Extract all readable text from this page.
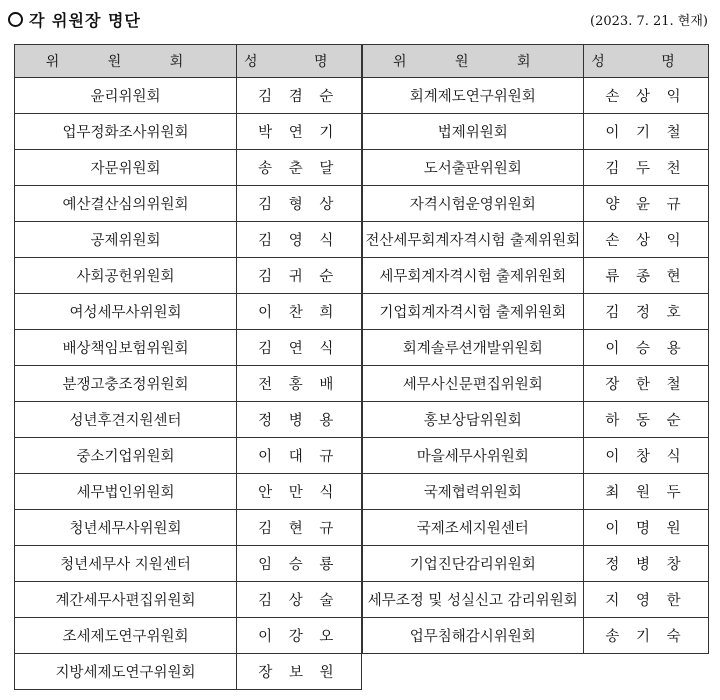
각 위원장 명단	(2023. 7. 21. 현재)
위 원 회	성 명	위 원 회	성 명
윤리위원회	김 겸 순	회계제도연구위원회	손 상 익
업무정화조사위원회	박 연 기	법제위원회	이 기 철
자문위원회	송 춘 달	도서출판위원회	김 두 천
예산결산심의위원회	김 형 상	자격시험운영위원회	양 윤 규
공제위원회	김 영 식	전산세무회계자격시험 출제위원회	손 상 익
사회공헌위원회	김 귀 순	세무회계자격시험 출제위원회	류 종 현
여성세무사위원회	이 찬 희	기업회계자격시험 출제위원회	김 정 호
배상책임보험위원회	김 연 식	회계솔루션개발위원회	이 승 용
분쟁고충조정위원회	전 홍 배	세무사신문편집위원회	장 한 철
성년후견지원센터	정 병 용	홍보상담위원회	하 동 순
중소기업위원회	이 대 규	마을세무사위원회	이 창 식
세무법인위원회	안 만 식	국제협력위원회	최 원 두
청년세무사위원회	김 현 규	국제조세지원센터	이 명 원
청년세무사 지원센터	임 승 룡	기업진단감리위원회	정 병 창
계간세무사편집위원회	김 상 술	세무조정 및 성실신고 감리위원회	지 영 한
조세제도연구위원회	이 강 오	업무침해감시위원회	송 기 숙
지방세제도연구위원회	장 보 원		
